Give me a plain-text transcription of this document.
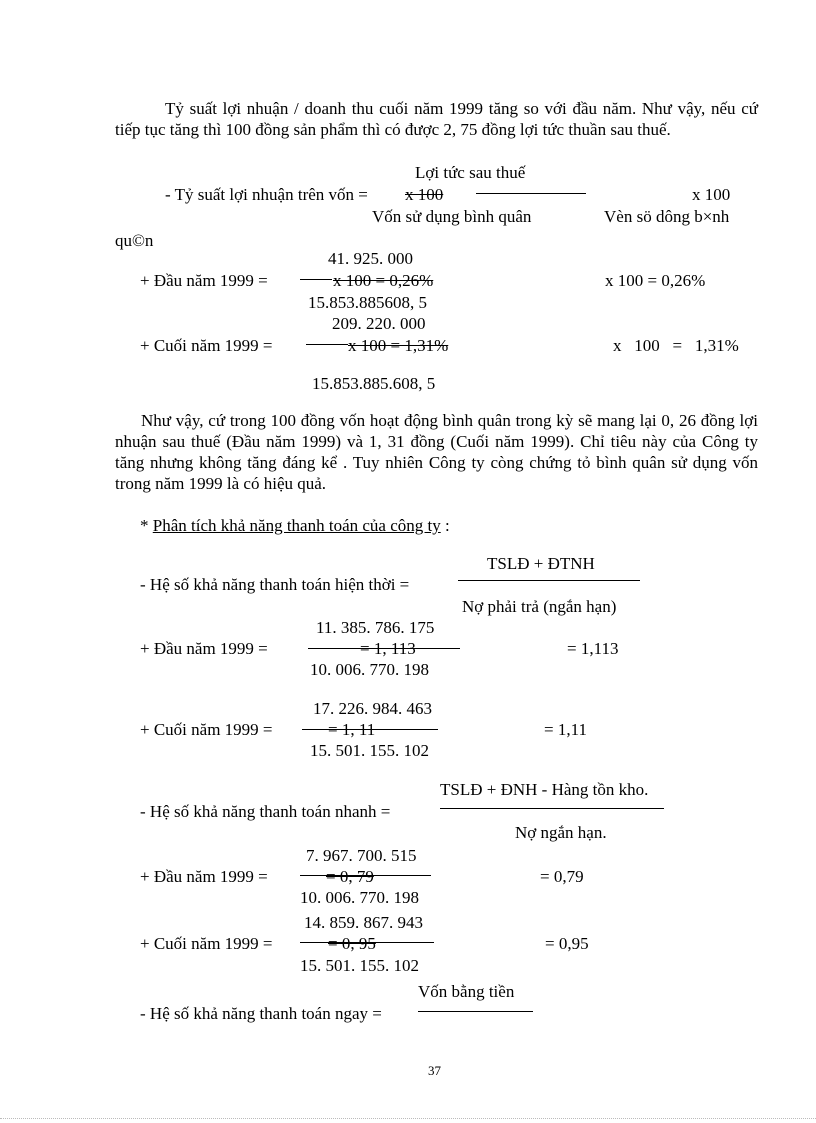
Tỷ suất lợi nhuận / doanh thu cuối năm 1999 tăng so với đầu năm. Như vậy, nếu cứ tiếp tục tăng thì 100 đồng sản phẩm thì có được 2, 75 đồng lợi tức thuần sau thuế.
Lợi tức sau thuế
- Tỷ suất lợi nhuận trên vốn = x 100	x 100
Vốn sử dụng bình quân	Vèn sö dông b×nh
qu©n
41. 925. 000
+ Đầu năm 1999 =	x 100 = 0,26%	x 100 = 0,26%
15.853.885608, 5
209. 220. 000
+ Cuối năm 1999 =	x 100 = 1,31%	x   100   =   1,31%
15.853.885.608, 5
Như vậy, cứ trong 100 đồng vốn hoạt động bình quân trong kỳ sẽ mang lại 0, 26 đồng lợi nhuận sau thuế (Đầu năm 1999) và 1, 31 đồng (Cuối năm 1999). Chỉ tiêu này của Công ty tăng nhưng không tăng đáng kể . Tuy nhiên Công ty còng chứng tỏ bình quân sử dụng vốn trong năm 1999 là có hiệu quả.
* Phân tích khả năng thanh toán của công ty :
TSLĐ + ĐTNH
- Hệ số khả năng thanh toán hiện thời =
Nợ phải trả (ngắn hạn)
11. 385. 786. 175
+ Đầu năm 1999 =	= 1, 113	= 1,113
10. 006. 770. 198
17. 226. 984. 463
+ Cuối năm 1999 =	= 1, 11	= 1,11
15. 501. 155. 102
TSLĐ + ĐNH - Hàng tồn kho.
- Hệ số khả năng thanh toán nhanh =
Nợ ngắn hạn.
7. 967. 700. 515
+ Đầu năm 1999 =	= 0, 79	= 0,79
10. 006. 770. 198
14. 859. 867. 943
+ Cuối năm 1999 =	= 0, 95	= 0,95
15. 501. 155. 102
Vốn bằng tiền
- Hệ số khả năng thanh toán ngay =
37
